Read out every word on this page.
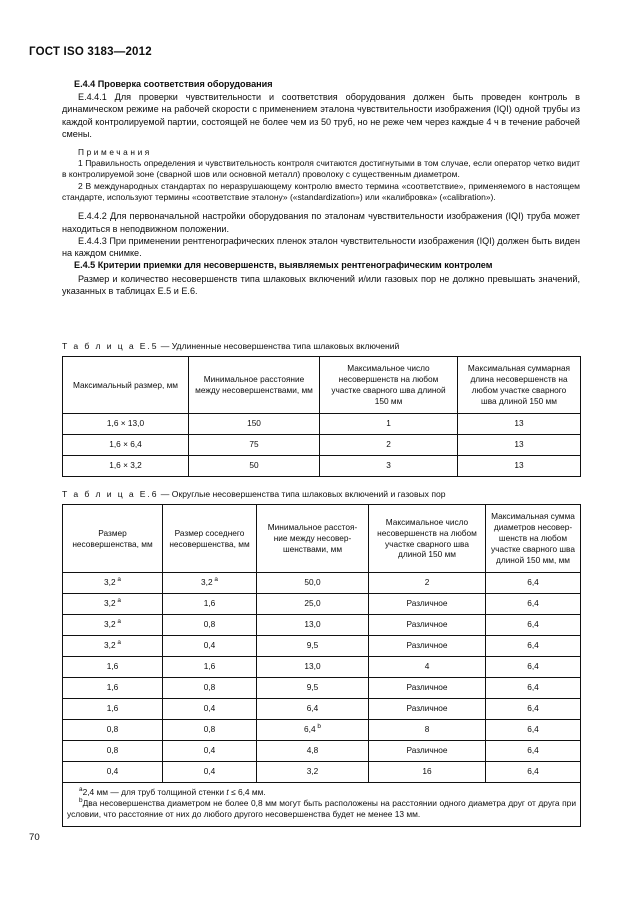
ГОСТ ISO 3183—2012
E.4.4 Проверка соответствия оборудования

E.4.4.1 Для проверки чувствительности и соответствия оборудования должен быть проведен контроль в динамическом режиме на рабочей скорости с применением эталона чувствительности изображения (IQI) одной трубы из каждой контролируемой партии, состоящей не более чем из 50 труб, но не реже чем через каждые 4 ч в течение рабочей смены.

Примечания

1 Правильность определения и чувствительность контроля считаются достигнутыми в том случае, если оператор четко видит в контролируемой зоне (сварной шов или основной металл) проволоку с существенным диаметром.

2 В международных стандартах по неразрушающему контролю вместо термина «соответствие», применяемого в настоящем стандарте, используют термины «соответствие эталону» («standardization») или «калибровка» («calibration»).

E.4.4.2 Для первоначальной настройки оборудования по эталонам чувствительности изображения (IQI) труба может находиться в неподвижном положении.

E.4.4.3 При применении рентгенографических пленок эталон чувствительности изображения (IQI) должен быть виден на каждом снимке.

E.4.5 Критерии приемки для несовершенств, выявляемых рентгенографическим контролем

Размер и количество несовершенств типа шлаковых включений и/или газовых пор не должно превышать значений, указанных в таблицах E.5 и E.6.

Т а б л и ц а E.5 — Удлиненные несовершенства типа шлаковых включений
Максимальный размер, мм	Минимальное расстояние между несовершенствами, мм	Максимальное число несовершенств на любом участке сварного шва длиной 150 мм	Максимальная суммарная длина несовершенств на любом участке сварного шва длиной 150 мм
1,6 × 13,0	150	1	13
1,6 × 6,4	75	2	13
1,6 × 3,2	50	3	13
Т а б л и ц а E.6 — Округлые несовершенства типа шлаковых включений и газовых пор
Размер несовершенства, мм	Размер соседнего несовершенства, мм	Минимальное расстоя-ние между несовер-шенствами, мм	Максимальное число несовершенств на любом участке сварного шва длиной 150 мм	Максимальная сумма диаметров несовер-шенств на любом участке сварного шва длиной 150 мм, мм
3,2 $^a$	3,2 $^a$	50,0	2	6,4
3,2 $^a$	1,6	25,0	Различное	6,4
3,2 $^a$	0,8	13,0	Различное	6,4
3,2 $^a$	0,4	9,5	Различное	6,4
1,6	1,6	13,0	4	6,4
1,6	0,8	9,5	Различное	6,4
1,6	0,4	6,4	Различное	6,4
0,8	0,8	6,4 $^b$	8	6,4
0,8	0,4	4,8	Различное	6,4
0,4	0,4	3,2	16	6,4

$^a$2,4 мм — для труб толщиной стенки t ≤ 6,4 мм.

$^b$Два несовершенства диаметром не более 0,8 мм могут быть расположены на расстоянии одного диаметра друг от друга при условии, что расстояние от них до любого другого несовершенства будет не менее 13 мм.				

70
